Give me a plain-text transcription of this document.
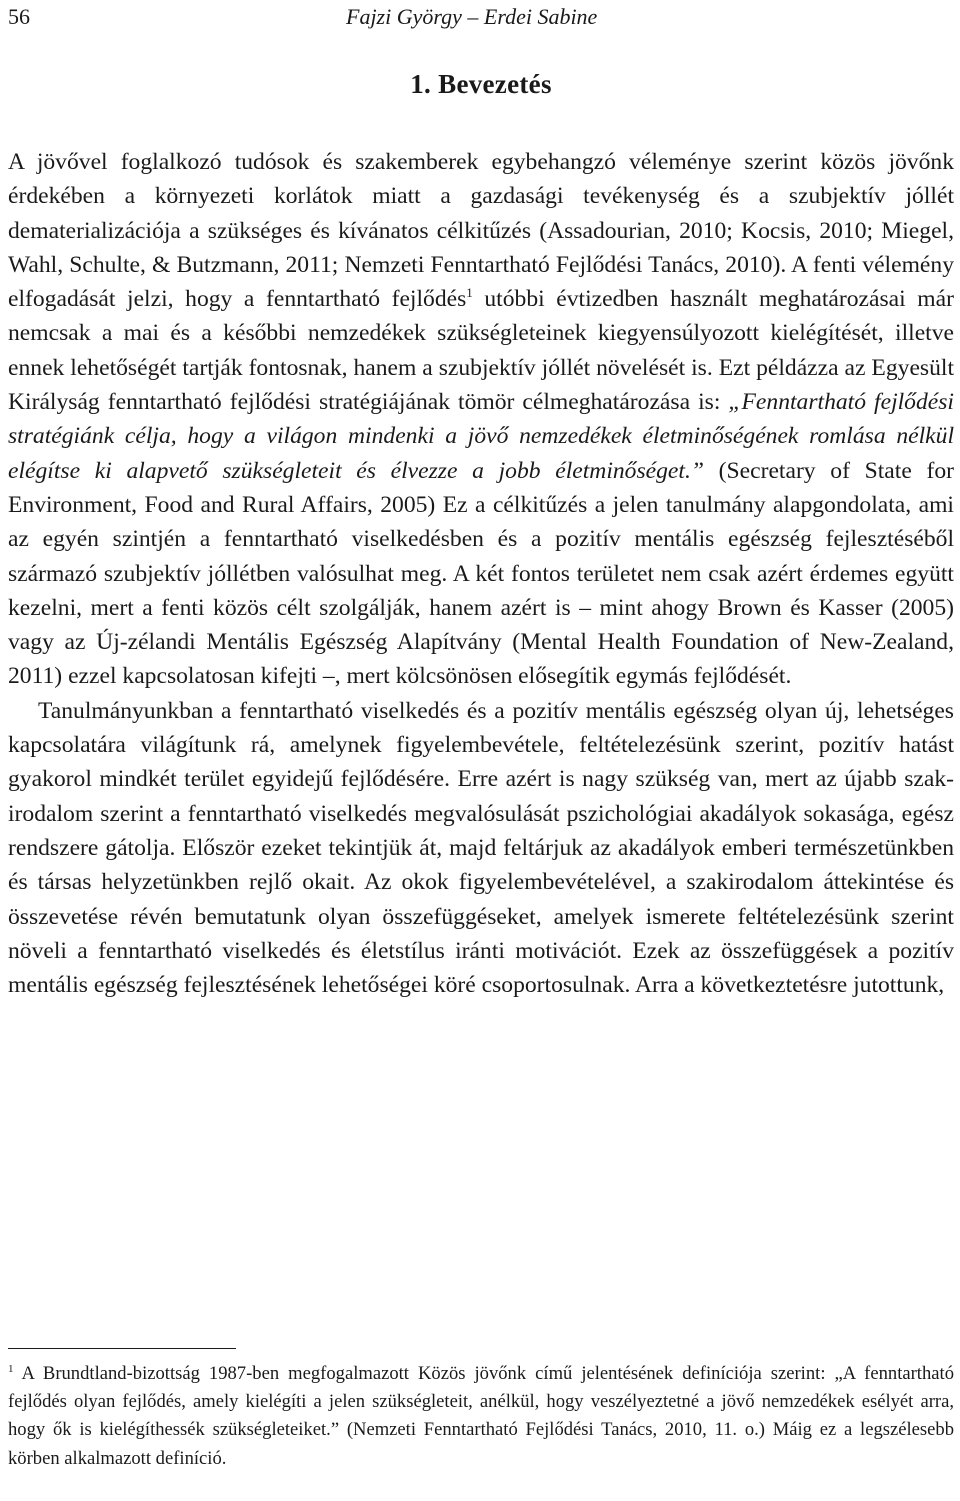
56	Fajzi György – Erdei Sabine
1. Bevezetés

A jövővel foglalkozó tudósok és szakemberek egybehangzó véleménye szerint közös jövőnk érdekében a környezeti korlátok miatt a gazdasági tevékenység és a szubjektív jóllét dematerializációja a szükséges és kívánatos célkitűzés (Assadourian, 2010; Kocsis, 2010; Miegel, Wahl, Schulte, & Butzmann, 2011; Nemzeti Fenntartható Fejlődési Tanács, 2010). A fenti vélemény elfogadását jelzi, hogy a fenntartható fejlődés$^1$ utóbbi évtizedben használt meghatározásai már nemcsak a mai és a későbbi nemzedékek szükségleteinek kiegyensúlyozott kielégítését, illetve ennek lehetőségét tartják fontosnak, hanem a szubjektív jóllét növelését is. Ezt példázza az Egyesült Királyság fenntartható fejlődési stratégiájának tömör célmeghatározása is: „Fenntartható fejlődési stratégiánk célja, hogy a világon mindenki a jövő nemzedékek életminőségének romlása nélkül elégítse ki alapvető szükségleteit és élvezze a jobb életminőséget.” (Secretary of State for Environment, Food and Rural Affairs, 2005) Ez a célkitűzés a jelen tanulmány alapgondolata, ami az egyén szintjén a fenntartható viselkedésben és a pozitív mentális egészség fejlesztéséből származó szubjektív jóllétben valósulhat meg. A két fontos területet nem csak azért érdemes együtt kezelni, mert a fenti közös célt szolgálják, hanem azért is – mint ahogy Brown és Kasser (2005) vagy az Új-zélandi Mentális Egészség Alapítvány (Mental Health Foundation of New-Zealand, 2011) ezzel kapcsolatosan kifejti –, mert kölcsönösen elősegítik egymás fejlődését.

Tanulmányunkban a fenntartható viselkedés és a pozitív mentális egészség olyan új, lehetséges kapcsolatára világítunk rá, amelynek figyelembevétele, feltételezésünk szerint, pozitív hatást gyakorol mindkét terület egyidejű fejlődésére. Erre azért is nagy szükség van, mert az újabb szakirodalom szerint a fenntartható viselkedés megvalósulását pszichológiai akadályok sokasága, egész rendszere gátolja. Először ezeket tekintjük át, majd feltárjuk az akadályok emberi természetünkben és társas helyzetünkben rejlő okait. Az okok figyelembevételével, a szakirodalom áttekintése és összevetése révén bemutatunk olyan összefüggéseket, amelyek ismerete feltételezésünk szerint növeli a fenntartható viselkedés és életstílus iránti motivációt. Ezek az összefüggések a pozitív mentális egészség fejlesztésének lehetőségei köré csoportosulnak. Arra a következtetésre jutottunk,

$^1$ A Brundtland-bizottság 1987-ben megfogalmazott Közös jövőnk című jelentésének definíciója szerint: „A fenntartható fejlődés olyan fejlődés, amely kielégíti a jelen szükségleteit, anélkül, hogy veszélyeztetné a jövő nemzedékek esélyét arra, hogy ők is kielégíthessék szükségleteiket.” (Nemzeti Fenntartható Fejlődési Tanács, 2010, 11. o.) Máig ez a legszélesebb körben alkalmazott definíció.
